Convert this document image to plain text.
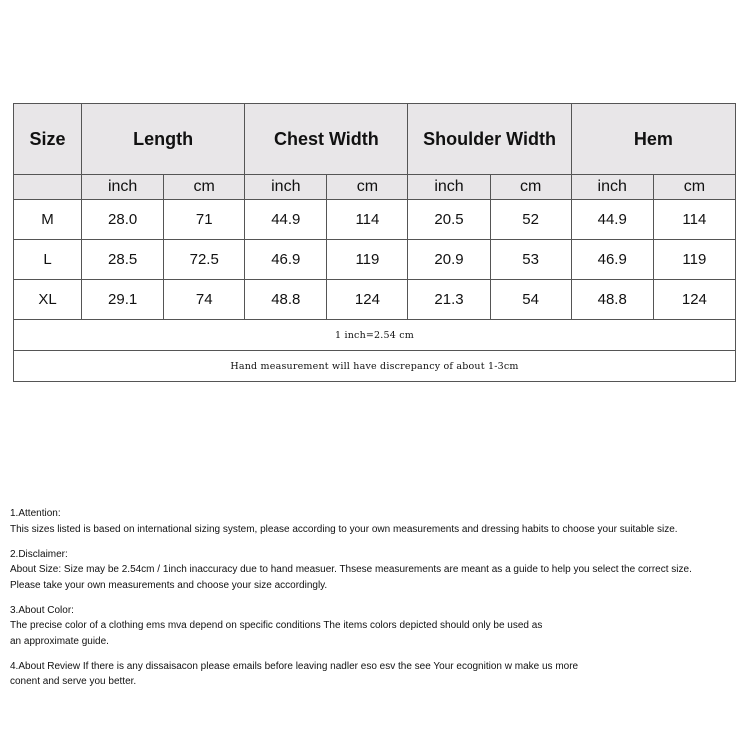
Size	Length		Chest Width		Shoulder Width		Hem	
	inch	cm	inch	cm	inch	cm	inch	cm
M	28.0	71	44.9	114	20.5	52	44.9	114
L	28.5	72.5	46.9	119	20.9	53	46.9	119
XL	29.1	74	48.8	124	21.3	54	48.8	124
1 inch=2.54 cm								
Hand measurement will have discrepancy of about 1-3cm								

1.Attention:

This sizes listed is based on international sizing system, please according to your own measurements and dressing habits to choose your suitable size.

2.Disclaimer:

About Size: Size may be 2.54cm / 1inch inaccuracy due to hand measuer. Thsese measurements are meant as a guide to help you select the correct size.

Please take your own measurements and choose your size accordingly.

3.About Color:

The precise color of a clothing ems mva depend on specific conditions The items colors depicted should only be used as

an approximate guide.

4.About Review If there is any dissaisacon please emails before leaving nadler eso esv the see Your ecognition w make us more

conent and serve you better.
